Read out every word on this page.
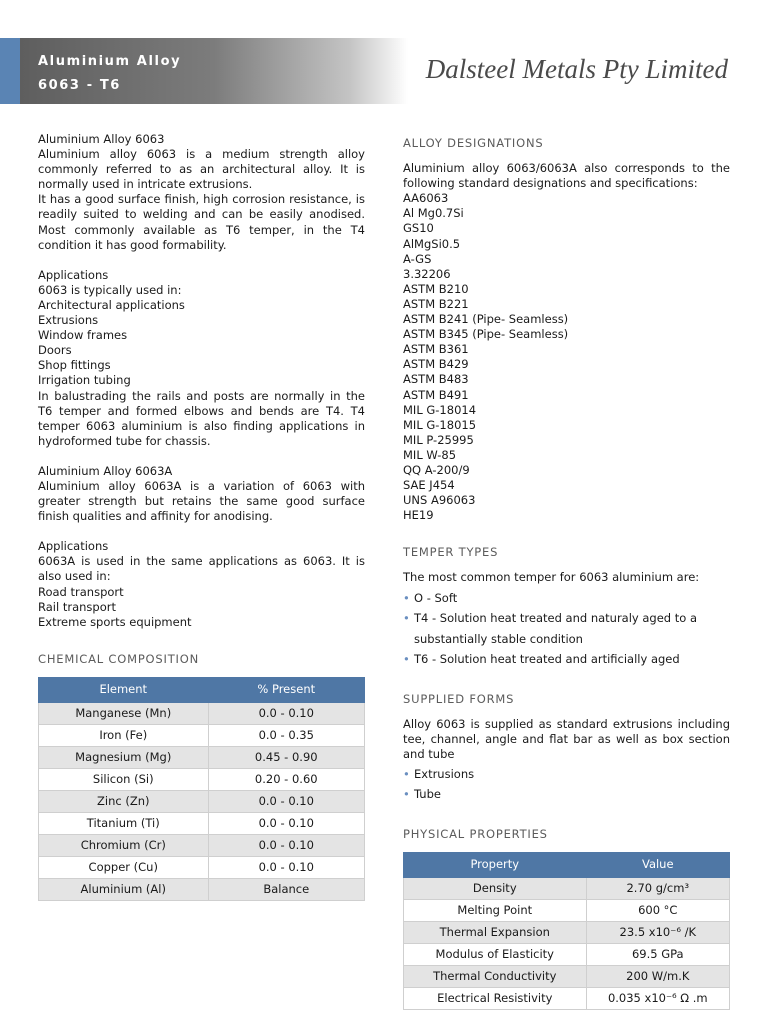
Aluminium Alloy
6063 - T6
Dalsteel Metals Pty Limited
Aluminium Alloy 6063
Aluminium alloy 6063 is a medium strength alloy commonly referred to as an architectural alloy. It is normally used in intricate extrusions.
It has a good surface finish, high corrosion resistance, is readily suited to welding and can be easily anodised. Most commonly available as T6 temper, in the T4 condition it has good formability.
Applications
6063 is typically used in:
Architectural applications
Extrusions
Window frames
Doors
Shop fittings
Irrigation tubing
In balustrading the rails and posts are normally in the T6 temper and formed elbows and bends are T4. T4 temper 6063 aluminium is also finding applications in hydroformed tube for chassis.
Aluminium Alloy 6063A
Aluminium alloy 6063A is a variation of 6063 with greater strength but retains the same good surface finish qualities and affinity for anodising.
Applications
6063A is used in the same applications as 6063. It is also used in:
Road transport
Rail transport
Extreme sports equipment
CHEMICAL COMPOSITION
Element	% Present
Manganese (Mn)	0.0 - 0.10
Iron (Fe)	0.0 - 0.35
Magnesium (Mg)	0.45 - 0.90
Silicon (Si)	0.20 - 0.60
Zinc (Zn)	0.0 - 0.10
Titanium (Ti)	0.0 - 0.10
Chromium (Cr)	0.0 - 0.10
Copper (Cu)	0.0 - 0.10
Aluminium (Al)	Balance
ALLOY DESIGNATIONS
Aluminium alloy 6063/6063A also corresponds to the following standard designations and specifications:
AA6063
Al Mg0.7Si
GS10
AlMgSi0.5
A-GS
3.32206
ASTM B210
ASTM B221
ASTM B241 (Pipe- Seamless)
ASTM B345 (Pipe- Seamless)
ASTM B361
ASTM B429
ASTM B483
ASTM B491
MIL G-18014
MIL G-18015
MIL P-25995
MIL W-85
QQ A-200/9
SAE J454
UNS A96063
HE19
TEMPER TYPES
The most common temper for 6063 aluminium are:
• O - Soft
• T4 - Solution heat treated and naturaly aged to a substantially stable condition
• T6 - Solution heat treated and artificially aged
SUPPLIED FORMS
Alloy 6063 is supplied as standard extrusions including tee, channel, angle and flat bar as well as box section and tube
• Extrusions
• Tube
PHYSICAL PROPERTIES
Property	Value
Density	2.70 g/cm³
Melting Point	600 °C
Thermal Expansion	23.5 x10⁻⁶ /K
Modulus of Elasticity	69.5 GPa
Thermal Conductivity	200 W/m.K
Electrical Resistivity	0.035 x10⁻⁶ Ω .m
